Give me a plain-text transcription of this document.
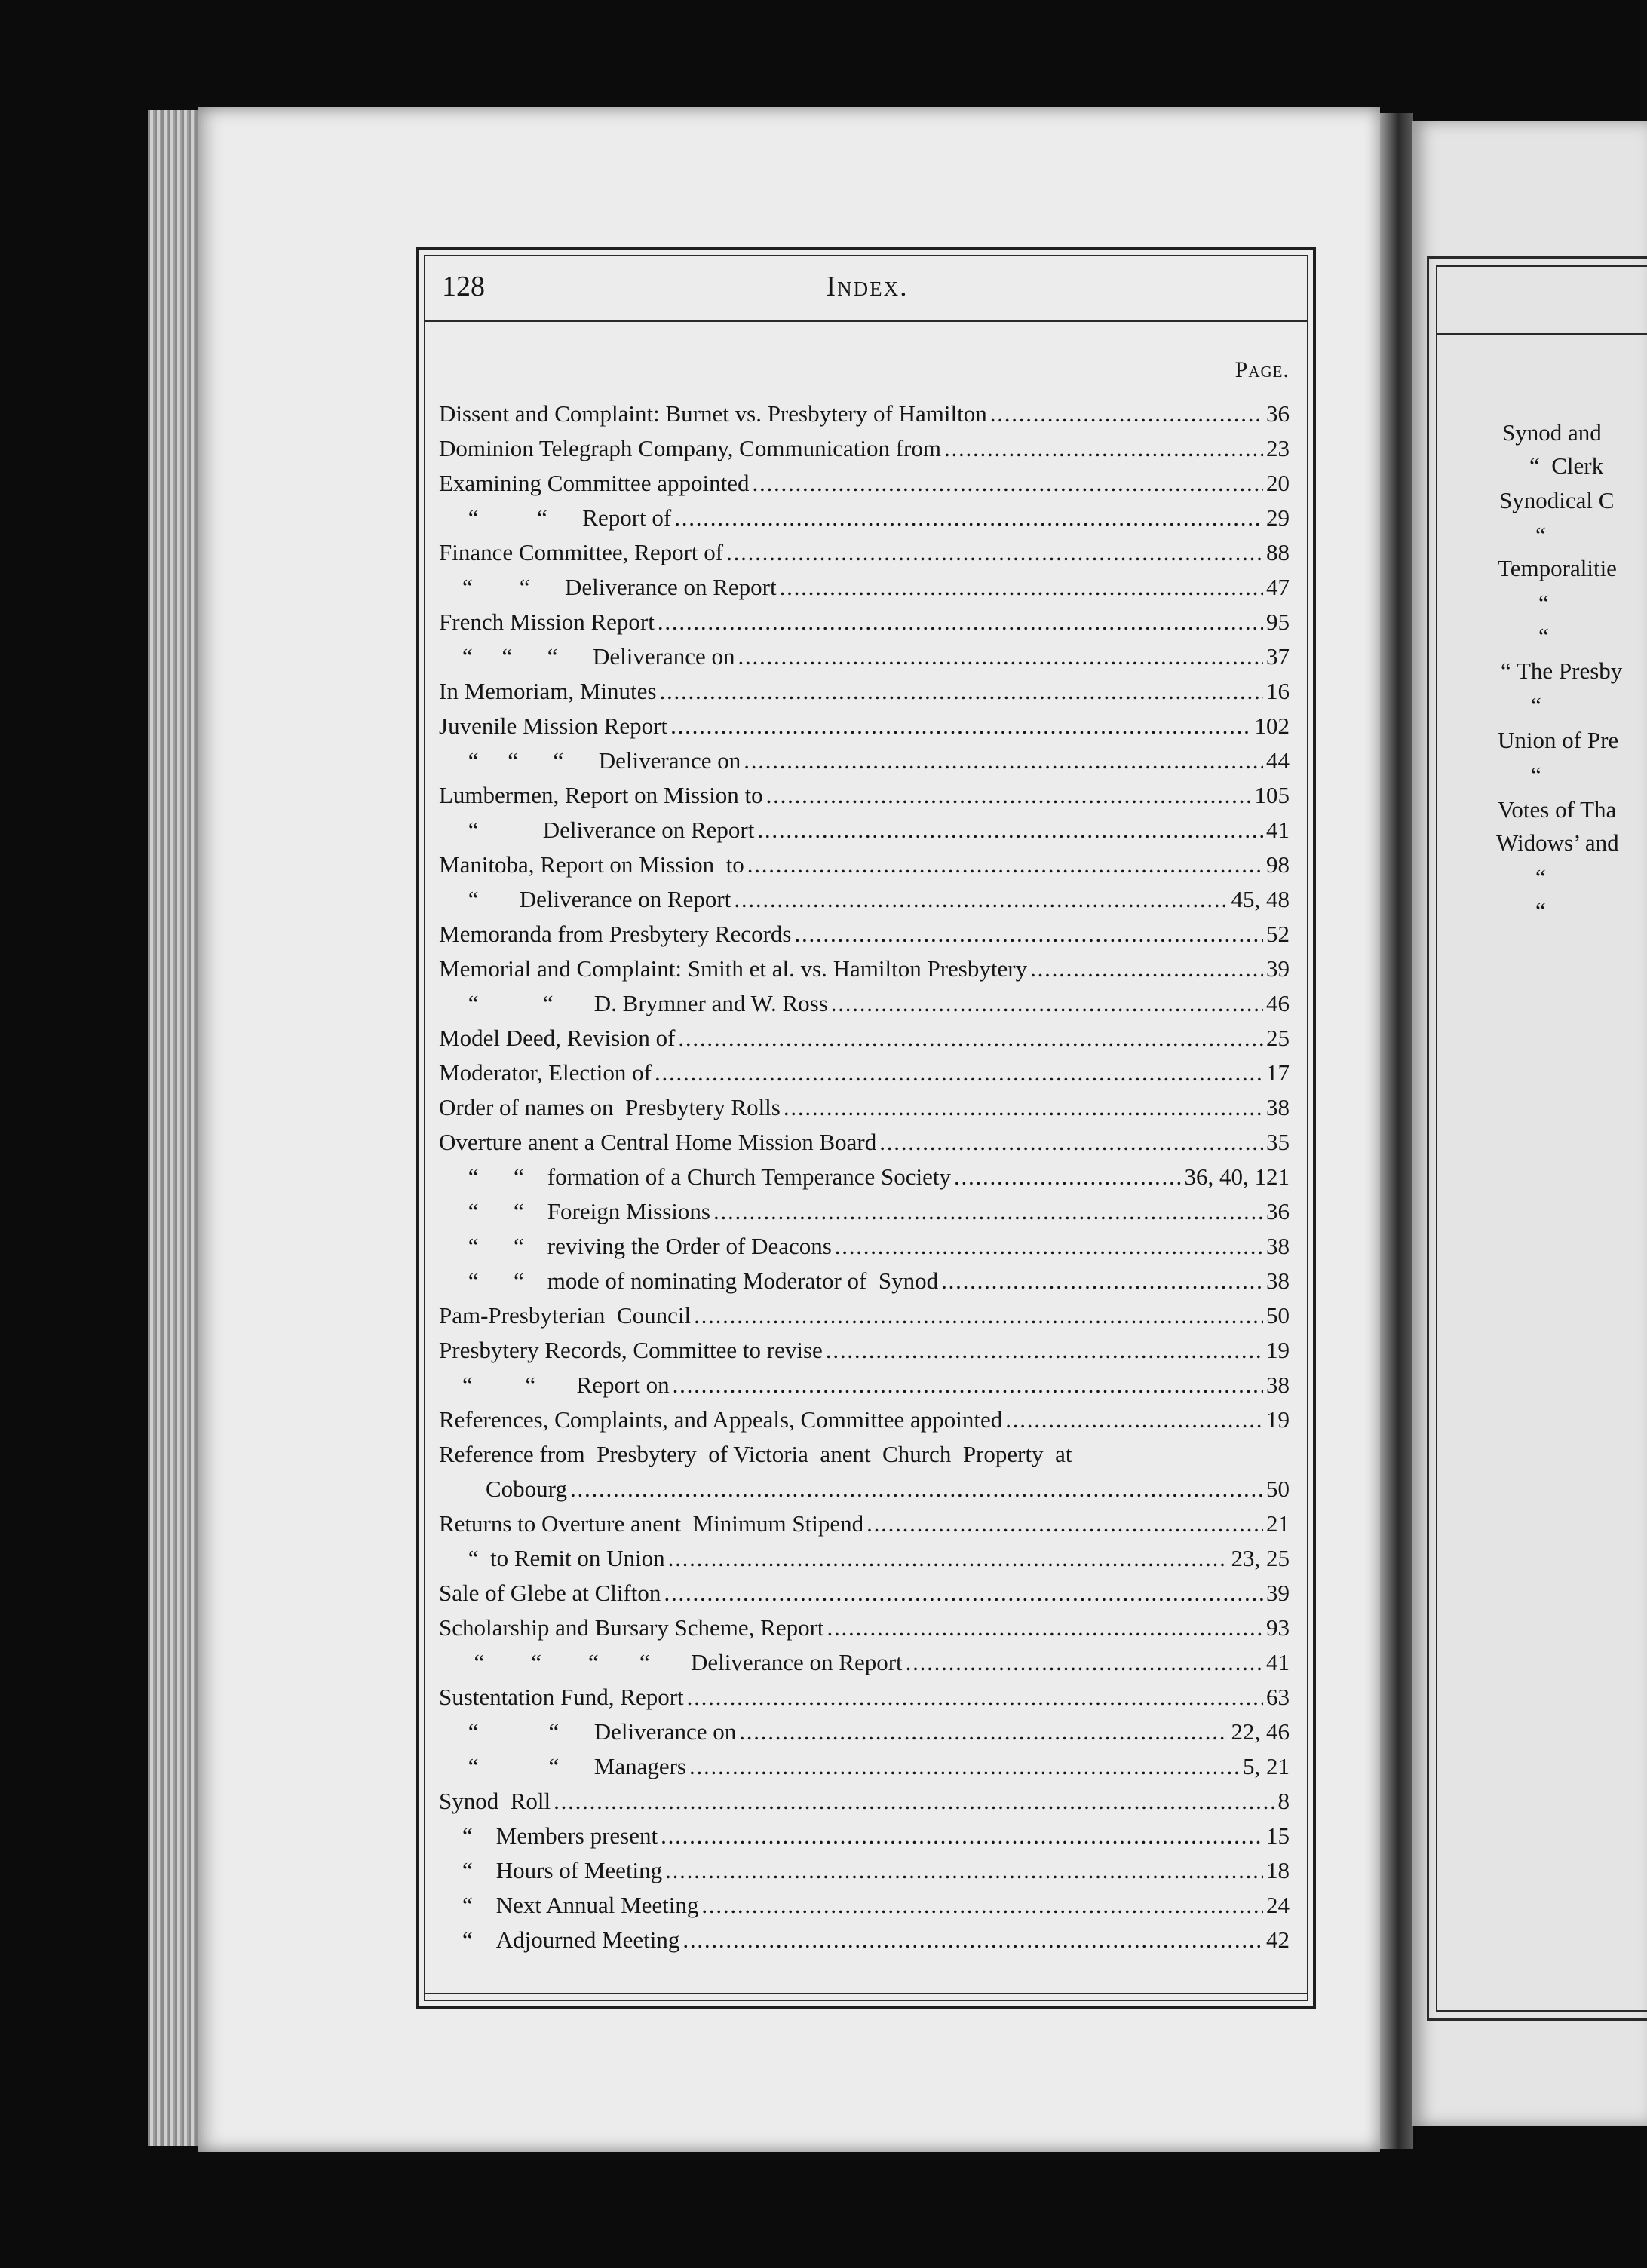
128	Index.
Page.
Dissent and Complaint: Burnet vs. Presbytery of Hamilton . . .	36
Dominion Telegraph Company, Communication from . . .	23
Examining Committee appointed . . .	20
“          “      Report of . . .	29
Finance Committee, Report of . . .	88
“        “      Deliverance on Report . . .	47
French Mission Report . . .	95
“     “      “      Deliverance on . . .	37
In Memoriam, Minutes . . .	16
Juvenile Mission Report . . .	102
“     “      “      Deliverance on . . .	44
Lumbermen, Report on Mission to . . .	105
“           Deliverance on Report . . .	41
Manitoba, Report on Mission  to . . .	98
“       Deliverance on Report . . .	45, 48
Memoranda from Presbytery Records . . .	52
Memorial and Complaint: Smith et al. vs. Hamilton Presbytery . . .	39
“           “       D. Brymner and W. Ross . . .	46
Model Deed, Revision of . . .	25
Moderator, Election of . . .	17
Order of names on  Presbytery Rolls . . .	38
Overture anent a Central Home Mission Board . . .	35
“      “    formation of a Church Temperance Society . . .	36, 40, 121
“      “    Foreign Missions . . .	36
“      “    reviving the Order of Deacons . . .	38
“      “    mode of nominating Moderator of  Synod . . .	38
Pam-Presbyterian  Council . . .	50
Presbytery Records, Committee to revise . . .	19
“         “       Report on . . .	38
References, Complaints, and Appeals, Committee appointed . . .	19
Reference from  Presbytery  of Victoria  anent  Church  Property  at
Cobourg . . .	50
Returns to Overture anent  Minimum Stipend . . .	21
“  to Remit on Union . . .	23, 25
Sale of Glebe at Clifton . . .	39
Scholarship and Bursary Scheme, Report . . .	93
“        “        “       “       Deliverance on Report . . .	41
Sustentation Fund, Report . . .	63
“            “      Deliverance on . . .	22, 46
“            “      Managers . . .	5, 21
Synod  Roll . . .	8
“    Members present . . .	15
“    Hours of Meeting . . .	18
“    Next Annual Meeting . . .	24
“    Adjourned Meeting . . .	42
Synod and
“  Clerk
Synodical C
“
Temporalitie
“
“
“ The Presby
“
Union of Pre
“
Votes of Tha
Widows’ and
“
“
